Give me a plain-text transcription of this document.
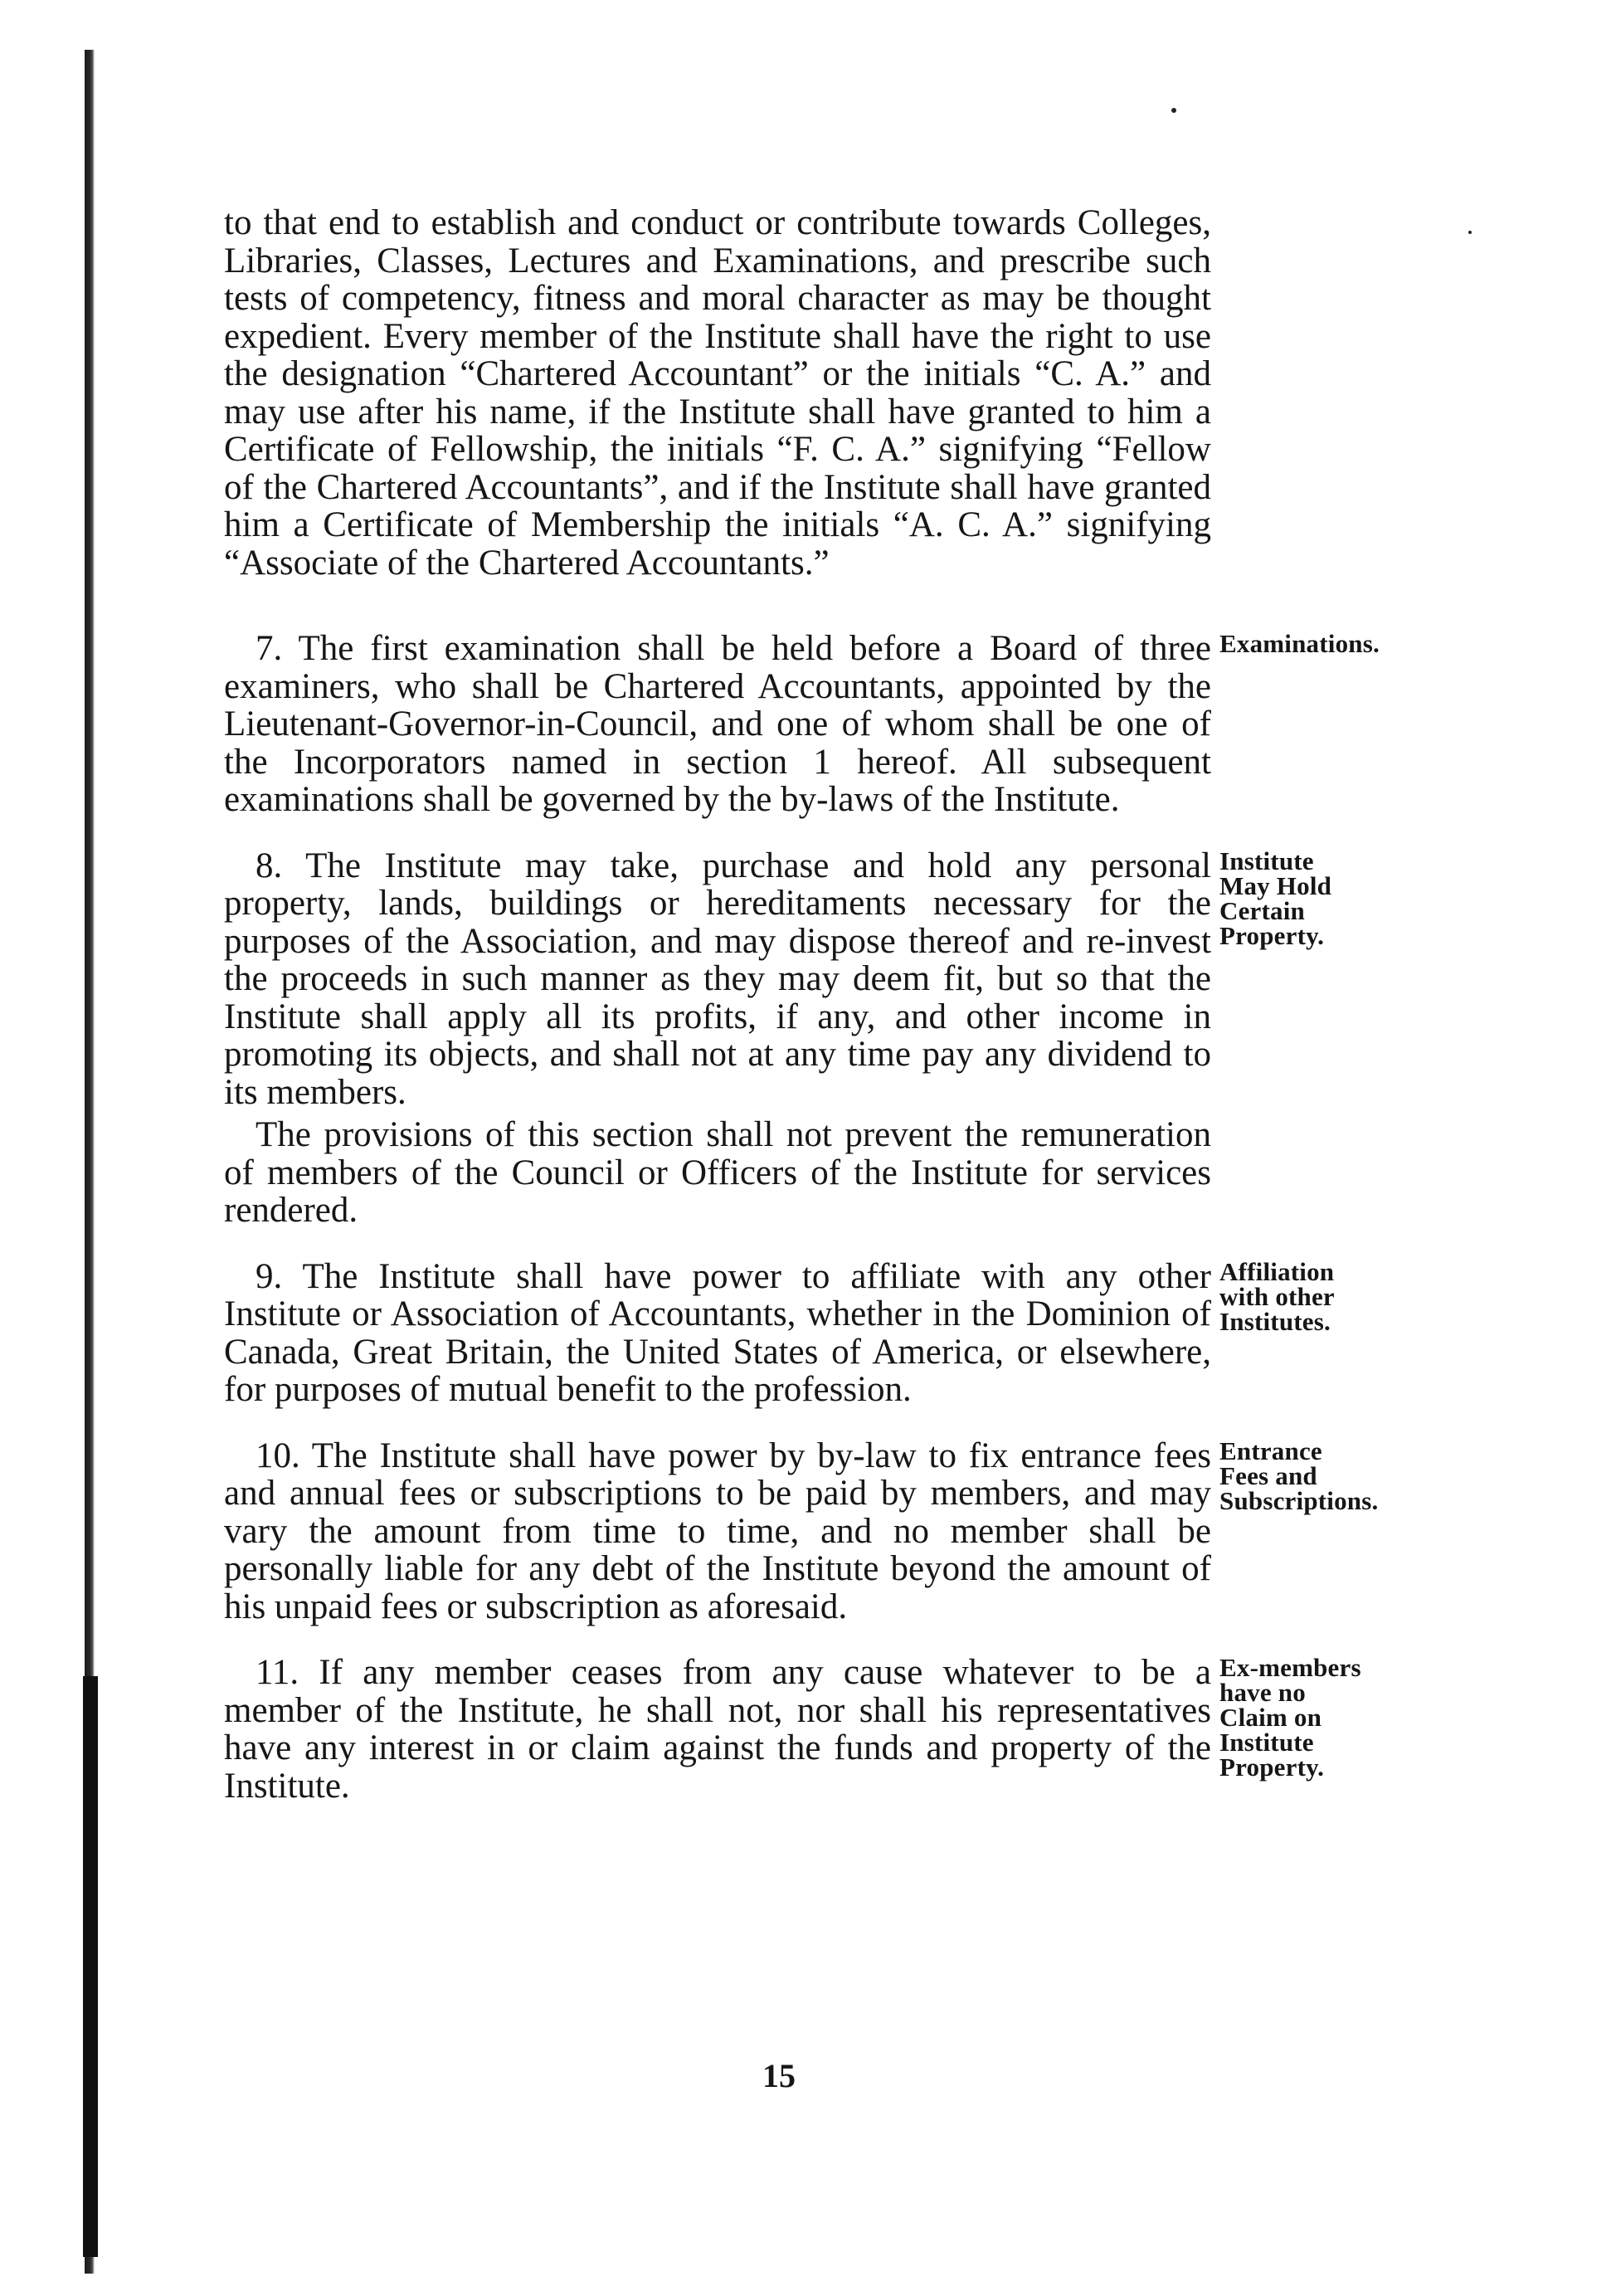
to that end to establish and conduct or contribute towards Colleges, Libraries, Classes, Lectures and Examinations, and prescribe such tests of competency, fitness and moral character as may be thought expedient. Every member of the Institute shall have the right to use the designation “Chartered Accountant” or the initials “C. A.” and may use after his name, if the Institute shall have granted to him a Certificate of Fellowship, the initials “F. C. A.” signifying “Fellow of the Chartered Accountants”, and if the Institute shall have granted him a Certificate of Membership the initials “A. C. A.” signifying “Associate of the Chartered Accountants.”

7. The first examination shall be held before a Board of three examiners, who shall be Chartered Accountants, appointed by the Lieutenant-Governor-in-Council, and one of whom shall be one of the Incorporators named in section 1 hereof. All subsequent examinations shall be governed by the by-laws of the Institute.

Examinations.

8. The Institute may take, purchase and hold any personal property, lands, buildings or hereditaments necessary for the purposes of the Association, and may dispose thereof and re-invest the proceeds in such manner as they may deem fit, but so that the Institute shall apply all its profits, if any, and other income in promoting its objects, and shall not at any time pay any dividend to its members.

The provisions of this section shall not prevent the remuneration of members of the Council or Officers of the Institute for services rendered.

Institute
May Hold
Certain
Property.

9. The Institute shall have power to affiliate with any other Institute or Association of Accountants, whether in the Dominion of Canada, Great Britain, the United States of America, or elsewhere, for purposes of mutual benefit to the profession.

Affiliation
with other
Institutes.

10. The Institute shall have power by by-law to fix entrance fees and annual fees or subscriptions to be paid by members, and may vary the amount from time to time, and no member shall be personally liable for any debt of the Institute beyond the amount of his unpaid fees or subscription as aforesaid.

Entrance
Fees and
Subscriptions.

11. If any member ceases from any cause whatever to be a member of the Institute, he shall not, nor shall his representatives have any interest in or claim against the funds and property of the Institute.

Ex-members
have no
Claim on
Institute
Property.
15
